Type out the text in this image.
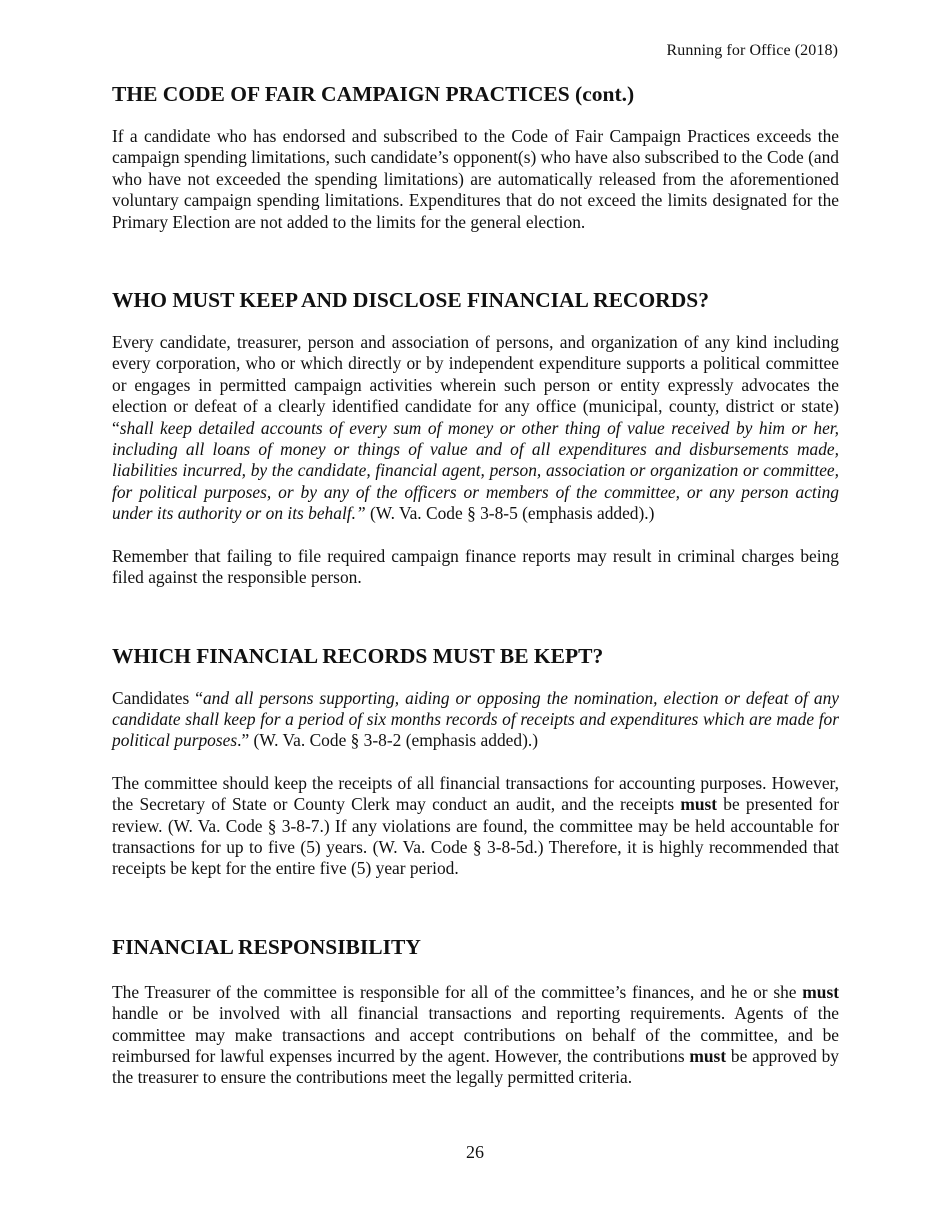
Running for Office (2018)
THE CODE OF FAIR CAMPAIGN PRACTICES (cont.)

If a candidate who has endorsed and subscribed to the Code of Fair Campaign Practices exceeds the campaign spending limitations, such candidate’s opponent(s) who have also subscribed to the Code (and who have not exceeded the spending limitations) are automatically released from the aforementioned voluntary campaign spending limitations. Expenditures that do not exceed the limits designated for the Primary Election are not added to the limits for the general election.

WHO MUST KEEP AND DISCLOSE FINANCIAL RECORDS?

Every candidate, treasurer, person and association of persons, and organization of any kind including every corporation, who or which directly or by independent expenditure supports a political committee or engages in permitted campaign activities wherein such person or entity expressly advocates the election or defeat of a clearly identified candidate for any office (municipal, county, district or state) “shall keep detailed accounts of every sum of money or other thing of value received by him or her, including all loans of money or things of value and of all expenditures and disbursements made, liabilities incurred, by the candidate, financial agent, person, association or organization or committee, for political purposes, or by any of the officers or members of the committee, or any person acting under its authority or on its behalf.” (W. Va. Code § 3-8-5 (emphasis added).)

Remember that failing to file required campaign finance reports may result in criminal charges being filed against the responsible person.

WHICH FINANCIAL RECORDS MUST BE KEPT?

Candidates “and all persons supporting, aiding or opposing the nomination, election or defeat of any candidate shall keep for a period of six months records of receipts and expenditures which are made for political purposes.” (W. Va. Code § 3-8-2 (emphasis added).)

The committee should keep the receipts of all financial transactions for accounting purposes. However, the Secretary of State or County Clerk may conduct an audit, and the receipts must be presented for review. (W. Va. Code § 3-8-7.) If any violations are found, the committee may be held accountable for transactions for up to five (5) years. (W. Va. Code § 3-8-5d.) Therefore, it is highly recommended that receipts be kept for the entire five (5) year period.

FINANCIAL RESPONSIBILITY

The Treasurer of the committee is responsible for all of the committee’s finances, and he or she must handle or be involved with all financial transactions and reporting requirements. Agents of the committee may make transactions and accept contributions on behalf of the committee, and be reimbursed for lawful expenses incurred by the agent. However, the contributions must be approved by the treasurer to ensure the contributions meet the legally permitted criteria.

26
